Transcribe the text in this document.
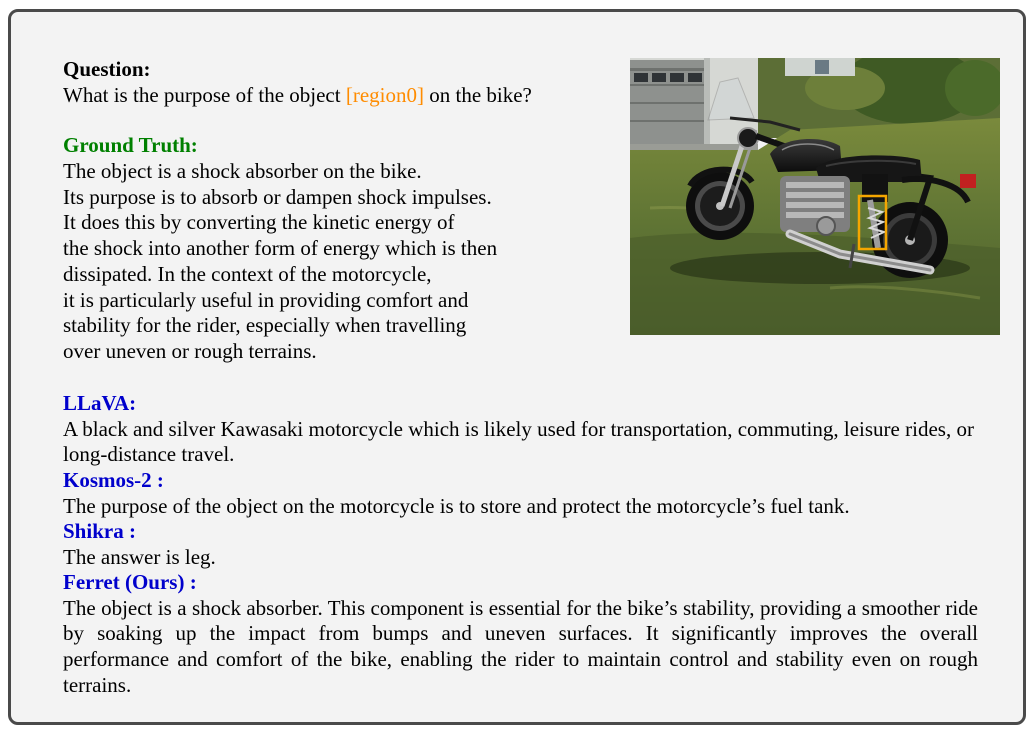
Question:
What is the purpose of the object [region0] on the bike?
Ground Truth:
The object is a shock absorber on the bike.
Its purpose is to absorb or dampen shock impulses.
It does this by converting the kinetic energy of
the shock into another form of energy which is then
dissipated. In the context of the motorcycle,
it is particularly useful in providing comfort and
stability for the rider, especially when travelling
over uneven or rough terrains.
LLaVA:
A black and silver Kawasaki motorcycle which is likely used for transportation, commuting, leisure rides, or long-distance travel.
Kosmos-2 :
The purpose of the object on the motorcycle is to store and protect the motorcycle’s fuel tank.
Shikra :
The answer is leg.
Ferret (Ours) :
The object is a shock absorber. This component is essential for the bike’s stability, providing a smoother ride by soaking up the impact from bumps and uneven surfaces. It significantly improves the overall performance and comfort of the bike, enabling the rider to maintain control and stability even on rough terrains.
